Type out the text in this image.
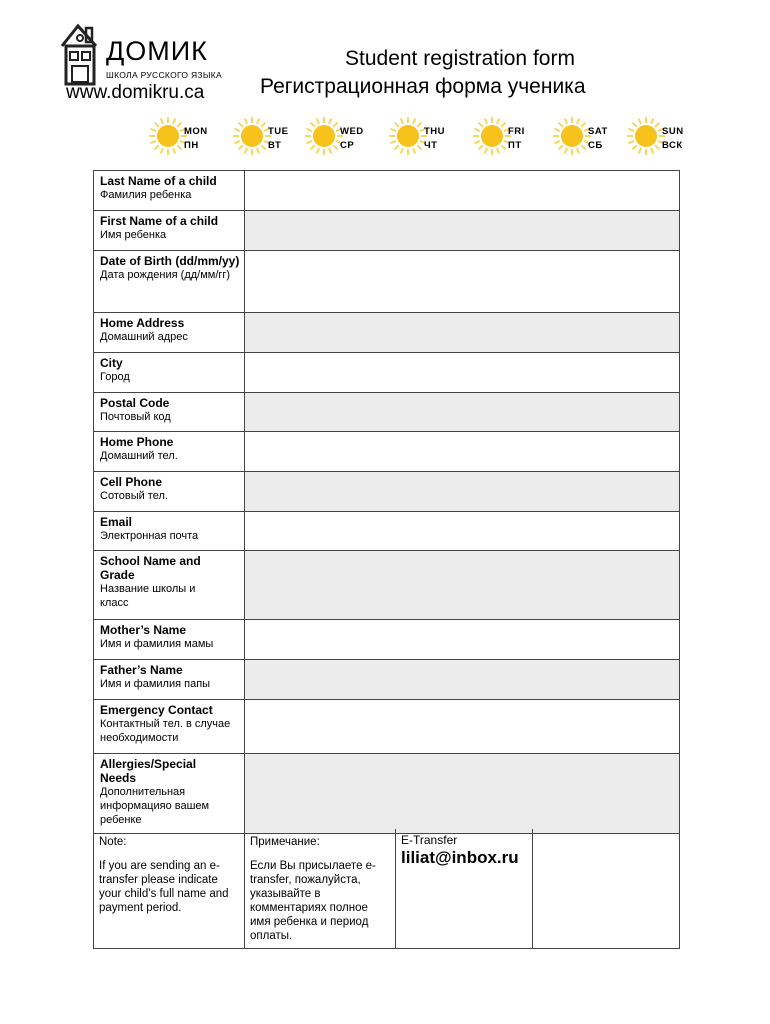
ДОМИК
ШКОЛА РУССКОГО ЯЗЫКА
www.domikru.ca
Student registration form
Регистрационная форма ученика
MON
ПН
TUE
ВТ
WED
СР
THU
ЧТ
FRI
ПТ
SAT
СБ
SUN
ВСК
Last Name of a child
Фамилия ребенка
First Name of a child
Имя ребенка
Date of Birth (dd/mm/yy)
Дата рождения (дд/мм/гг)
Home Address
Домашний адрес
City
Город
Postal Code
Почтовый код
Home Phone
Домашний тел.
Cell Phone
Сотовый тел.
Email
Электронная почта
School Name and Grade
Название школы и класс
Mother’s Name
Имя и фамилия мамы
Father’s Name
Имя и фамилия папы
Emergency Contact
Контактный тел. в случае необходимости
Allergies/Special Needs
Дополнительная информацияо вашем ребенке
Note:
If you are sending an e-transfer please indicate your child’s full name and payment period.
Примечание:
Если Вы присылаете e-transfer, пожалуйста, указывайте в комментариях полное имя ребенка и период оплаты.
E-Transfer
liliat@inbox.ru
